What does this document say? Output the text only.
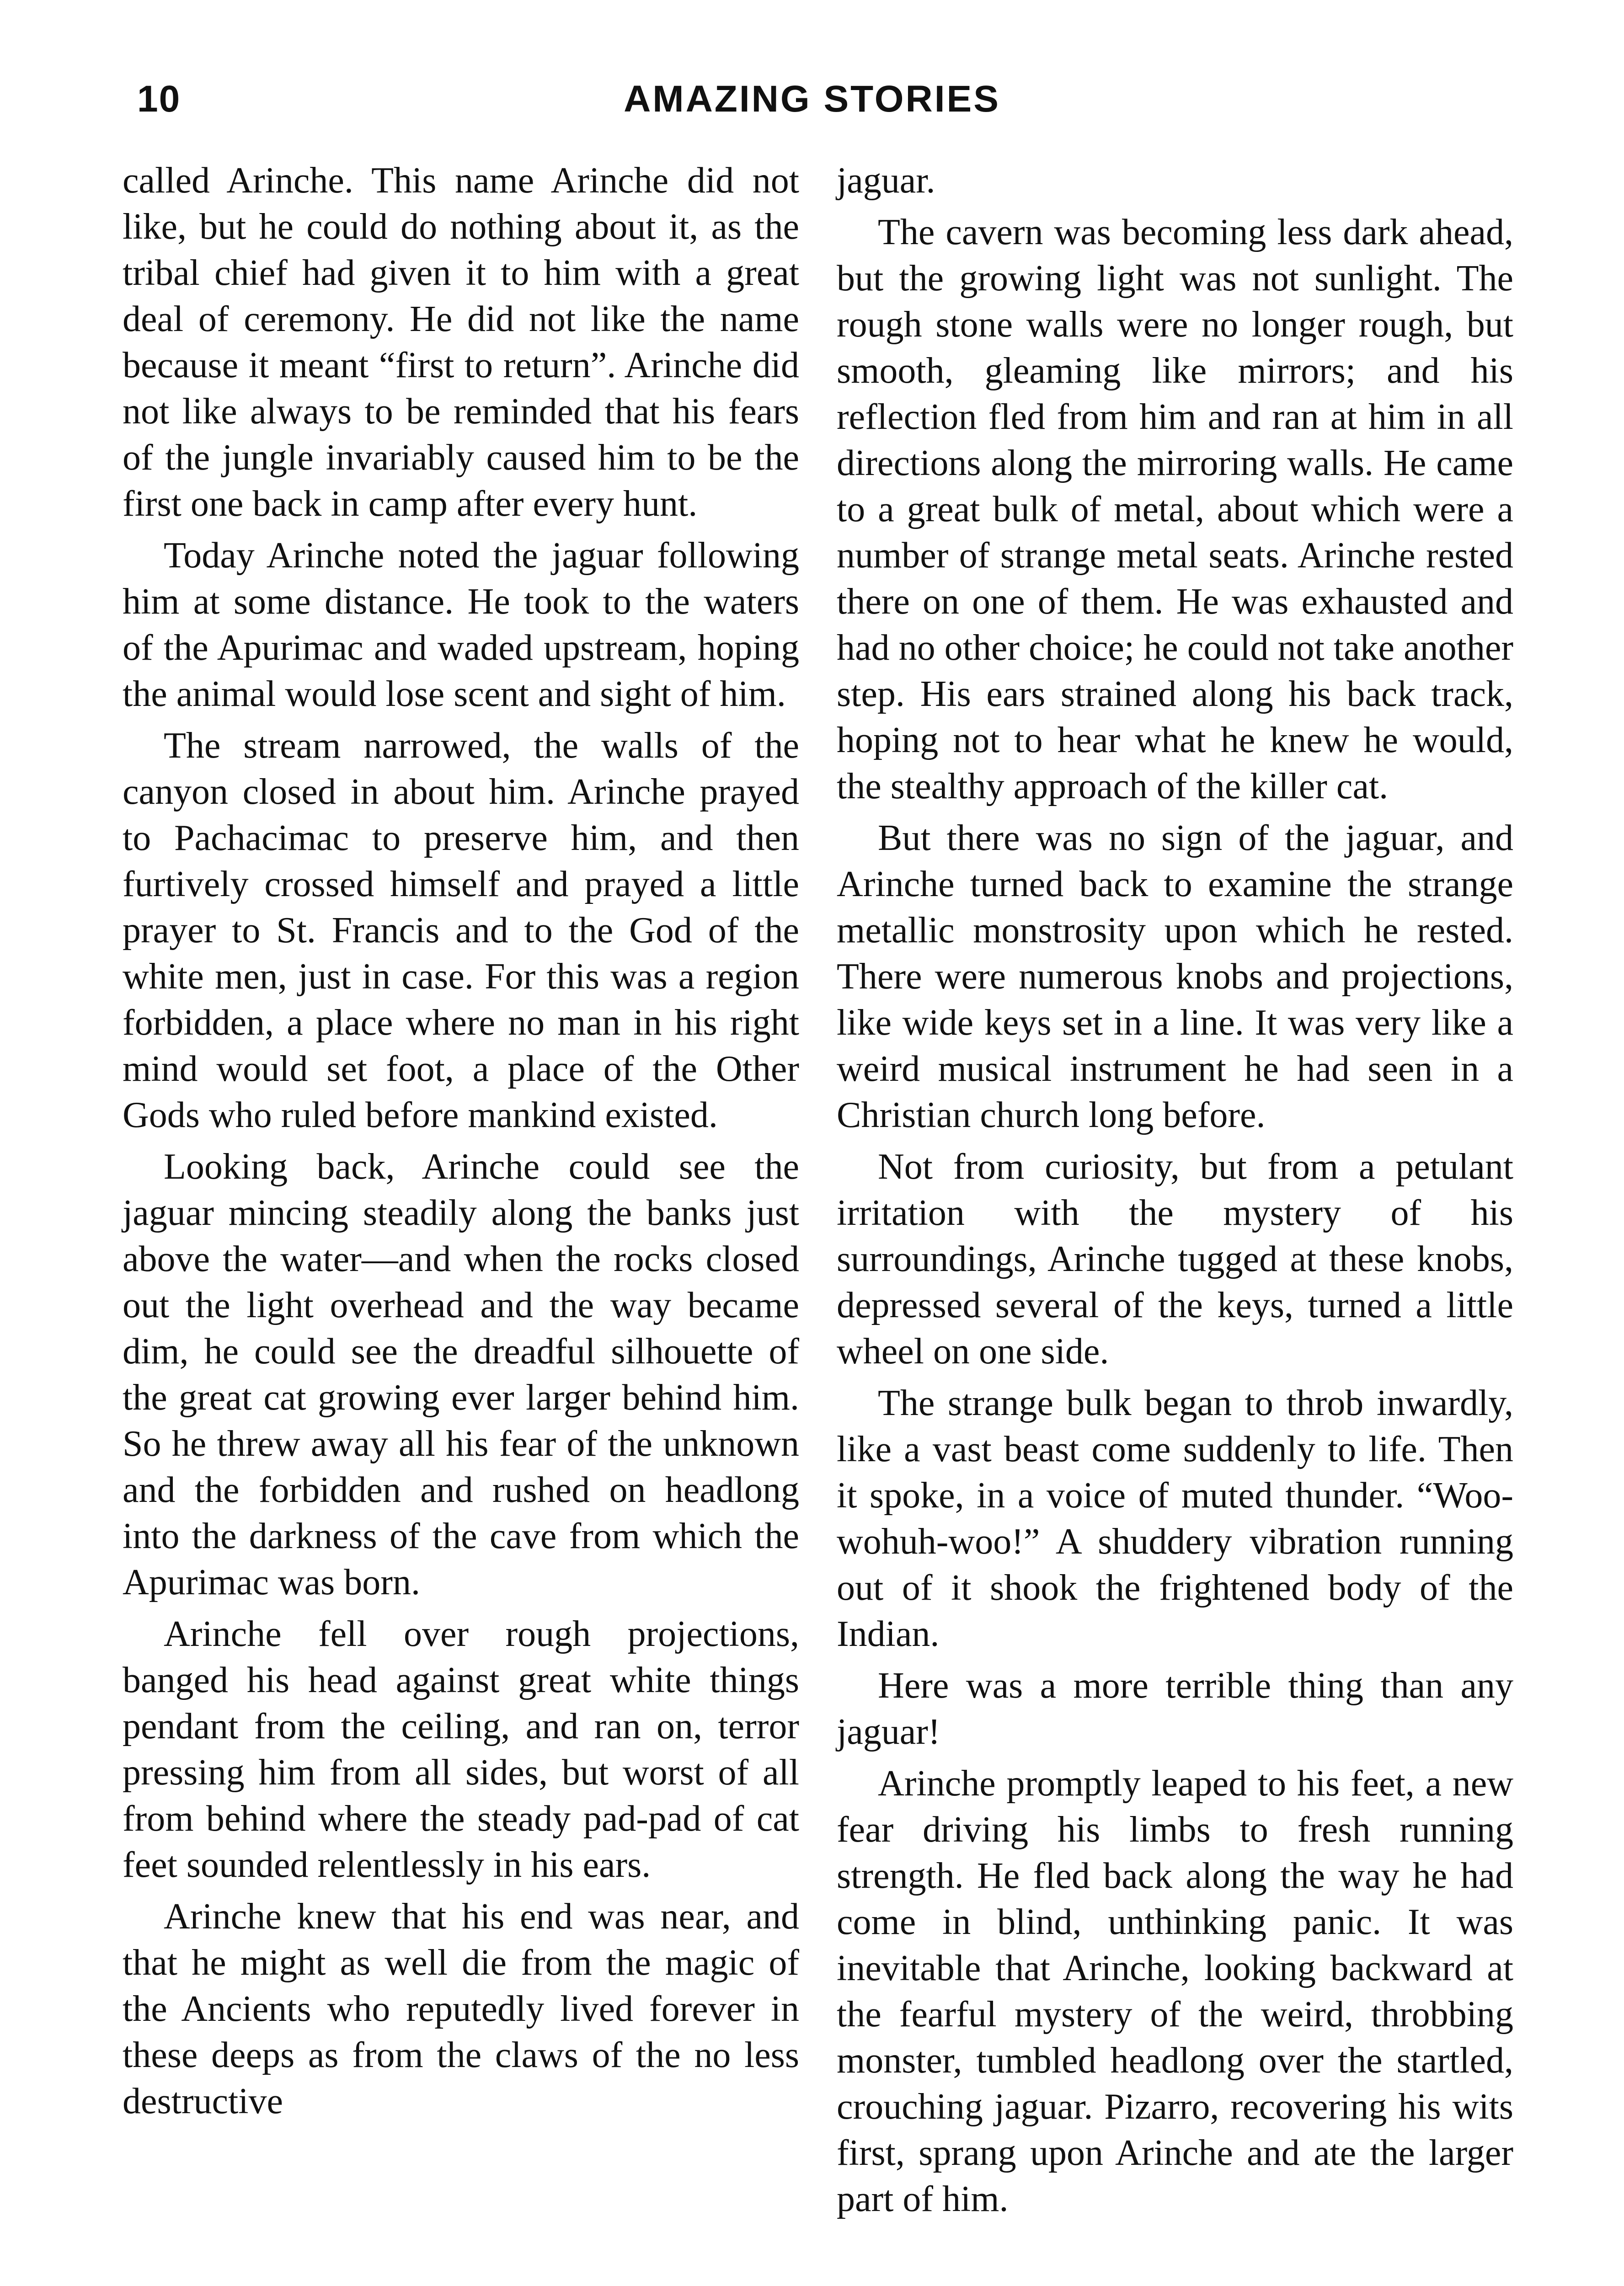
10	AMAZING STORIES

called Arinche. This name Arinche did not like, but he could do nothing about it, as the tribal chief had given it to him with a great deal of ceremony. He did not like the name because it meant “first to return”. Arinche did not like always to be reminded that his fears of the jungle invariably caused him to be the first one back in camp after every hunt.

Today Arinche noted the jaguar following him at some distance. He took to the waters of the Apurimac and waded upstream, hoping the animal would lose scent and sight of him.

The stream narrowed, the walls of the canyon closed in about him. Arinche prayed to Pachacimac to preserve him, and then furtively crossed himself and prayed a little prayer to St. Francis and to the God of the white men, just in case. For this was a region forbidden, a place where no man in his right mind would set foot, a place of the Other Gods who ruled before mankind existed.

Looking back, Arinche could see the jaguar mincing steadily along the banks just above the water—and when the rocks closed out the light overhead and the way became dim, he could see the dreadful silhouette of the great cat growing ever larger behind him. So he threw away all his fear of the unknown and the forbidden and rushed on headlong into the darkness of the cave from which the Apurimac was born.

Arinche fell over rough projections, banged his head against great white things pendant from the ceiling, and ran on, terror pressing him from all sides, but worst of all from behind where the steady pad-pad of cat feet sounded relentlessly in his ears.

Arinche knew that his end was near, and that he might as well die from the magic of the Ancients who reputedly lived forever in these deeps as from the claws of the no less destructive

jaguar.

The cavern was becoming less dark ahead, but the growing light was not sunlight. The rough stone walls were no longer rough, but smooth, gleaming like mirrors; and his reflection fled from him and ran at him in all directions along the mirroring walls. He came to a great bulk of metal, about which were a number of strange metal seats. Arinche rested there on one of them. He was exhausted and had no other choice; he could not take another step. His ears strained along his back track, hoping not to hear what he knew he would, the stealthy approach of the killer cat.

But there was no sign of the jaguar, and Arinche turned back to examine the strange metallic monstrosity upon which he rested. There were numerous knobs and projections, like wide keys set in a line. It was very like a weird musical instrument he had seen in a Christian church long before.

Not from curiosity, but from a petulant irritation with the mystery of his surroundings, Arinche tugged at these knobs, depressed several of the keys, turned a little wheel on one side.

The strange bulk began to throb inwardly, like a vast beast come suddenly to life. Then it spoke, in a voice of muted thunder. “Woo-wohuh-woo!” A shuddery vibration running out of it shook the frightened body of the Indian.

Here was a more terrible thing than any jaguar!

Arinche promptly leaped to his feet, a new fear driving his limbs to fresh running strength. He fled back along the way he had come in blind, unthinking panic. It was inevitable that Arinche, looking backward at the fearful mystery of the weird, throbbing monster, tumbled headlong over the startled, crouching jaguar. Pizarro, recovering his wits first, sprang upon Arinche and ate the larger part of him.
